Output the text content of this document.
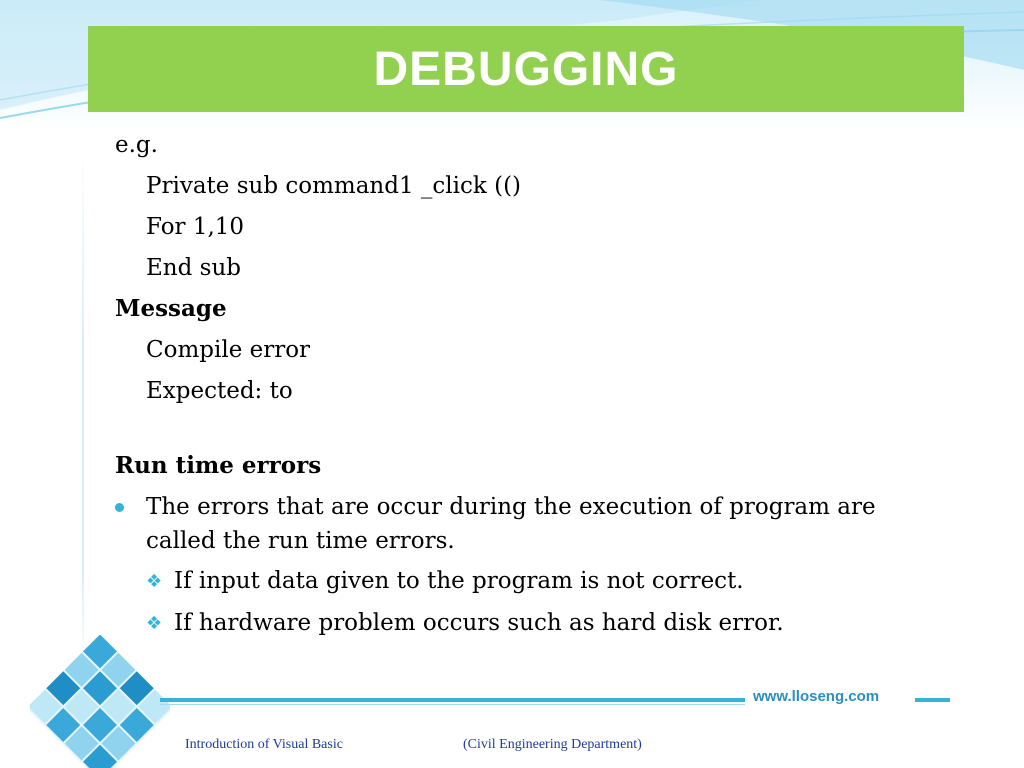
DEBUGGING
e.g.
Private sub command1 _click (()
For 1,10
End sub
Message
Compile error
Expected: to
Run time errors
The errors that are occur during the execution of program are called the run time errors.
❖ If input data given to the program is not correct.
❖ If hardware problem occurs such as hard disk error.
www.lloseng.com
Introduction of Visual Basic	(Civil Engineering Department)
